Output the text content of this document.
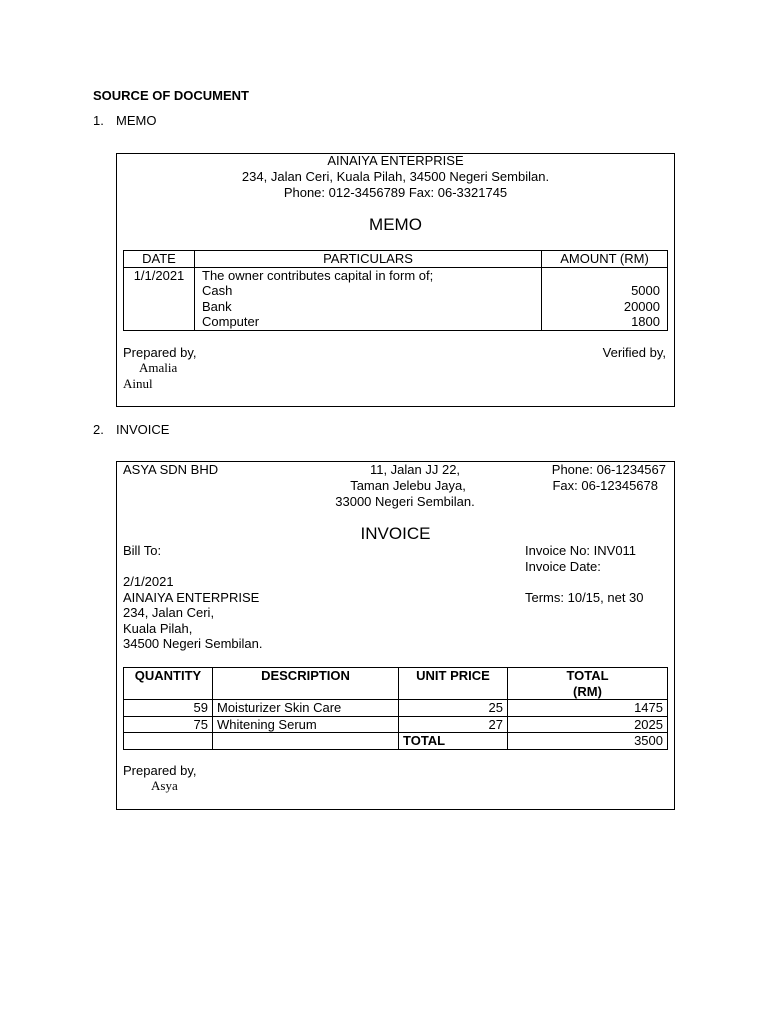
SOURCE OF DOCUMENT
1. MEMO
AINAIYA ENTERPRISE
234, Jalan Ceri, Kuala Pilah, 34500 Negeri Sembilan.
Phone: 012-3456789 Fax: 06-3321745
MEMO
DATE	PARTICULARS	AMOUNT (RM)
1/1/2021	The owner contributes capital in form of;	
	Cash	5000
	Bank	20000
	Computer	1800
Prepared by,	Verified by,
Amalia
Ainul
2. INVOICE
ASYA SDN BHD	11, Jalan JJ 22,
Taman Jelebu Jaya,
33000 Negeri Sembilan.
Phone: 06-1234567
Fax: 06-12345678
INVOICE
Bill To:	Invoice No: INV011
Invoice Date:
2/1/2021
AINAIYA ENTERPRISE	Terms: 10/15, net 30
234, Jalan Ceri,
Kuala Pilah,
34500 Negeri Sembilan.
QUANTITY	DESCRIPTION	UNIT PRICE	TOTAL
(RM)

59	Moisturizer Skin Care	25	1475
75	Whitening Serum	27	2025
		TOTAL	3500
Prepared by,
Asya
